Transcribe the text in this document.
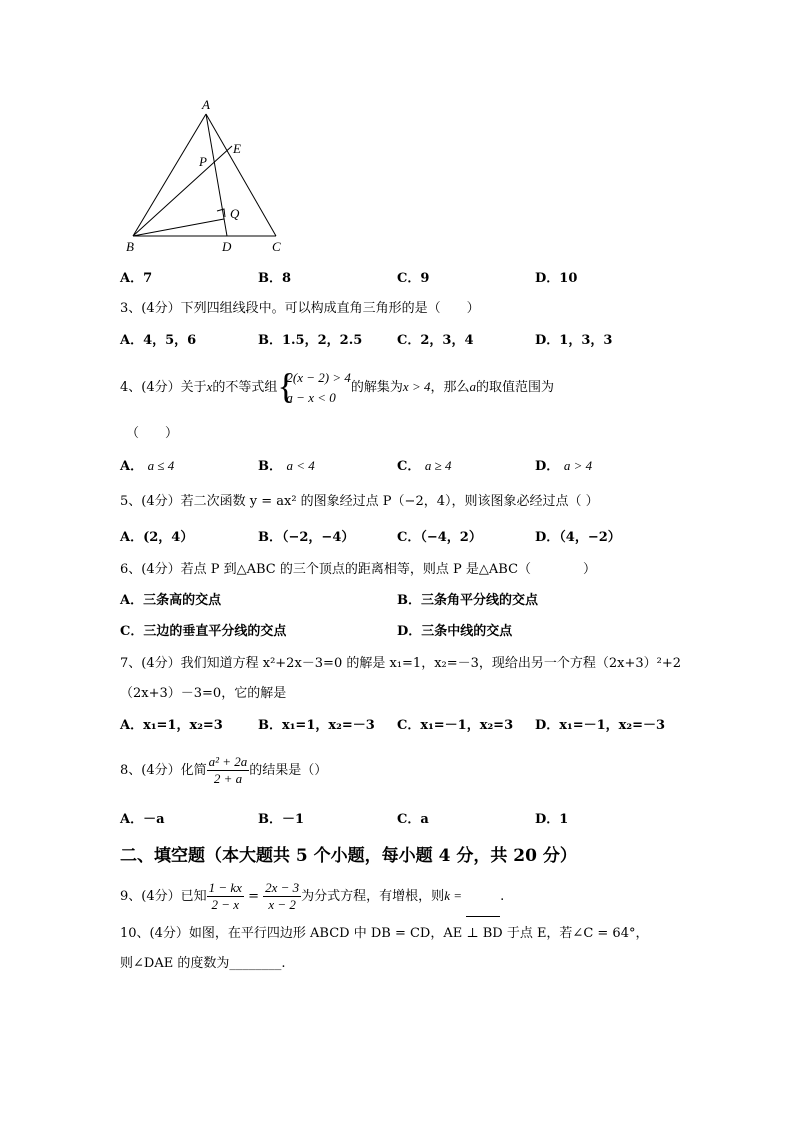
A
E
P
Q
B	D	C
A．7	B．8	C．9	D．10
3、(4分）下列四组线段中。可以构成直角三角形的是（　　）
A．4，5，6	B．1.5，2，2.5	C．2，3，4	D．1，3，3
4、(4分）关于x的不等式组 {
2(x − 2) > 4
a − x < 0
的解集为x > 4，那么a的取值范围为
（　　）
A． a ≤ 4	B． a < 4	C． a ≥ 4	D． a > 4
5、(4分）若二次函数 y = ax² 的图象经过点 P（−2，4），则该图象必经过点（ ）
A．(2，4）	B．（−2，−4）	C．（−4，2）	D．（4，−2）
6、(4分）若点 P 到△ABC 的三个顶点的距离相等，则点 P 是△ABC（　　　　）
A．三条高的交点	B．三条角平分线的交点
C．三边的垂直平分线的交点	D．三条中线的交点
7、(4分）我们知道方程 x²+2x－3=0 的解是 x₁=1，x₂=－3，现给出另一个方程（2x+3）²+2
（2x+3）－3=0，它的解是
A．x₁=1，x₂=3	B．x₁=1，x₂=－3 C．x₁=－1，x₂=3 D．x₁=－1，x₂=－3
8、(4分）化简 $\frac{\text{a² + 2a}}{2 + a}$ 的结果是（）
A．－a	B．－1	C．a	D．1
二、填空题（本大题共 5 个小题，每小题 4 分，共 20 分）
9、(4分）已知 $\frac{1 - kx}{2 - x} = \frac{2x - 3}{x - 2}$ 为分式方程，有增根，则k =	.
10、(4分）如图，在平行四边形 ABCD 中 DB = CD，AE ⊥ BD 于点 E，若∠C = 64°，
则∠DAE 的度数为________.
